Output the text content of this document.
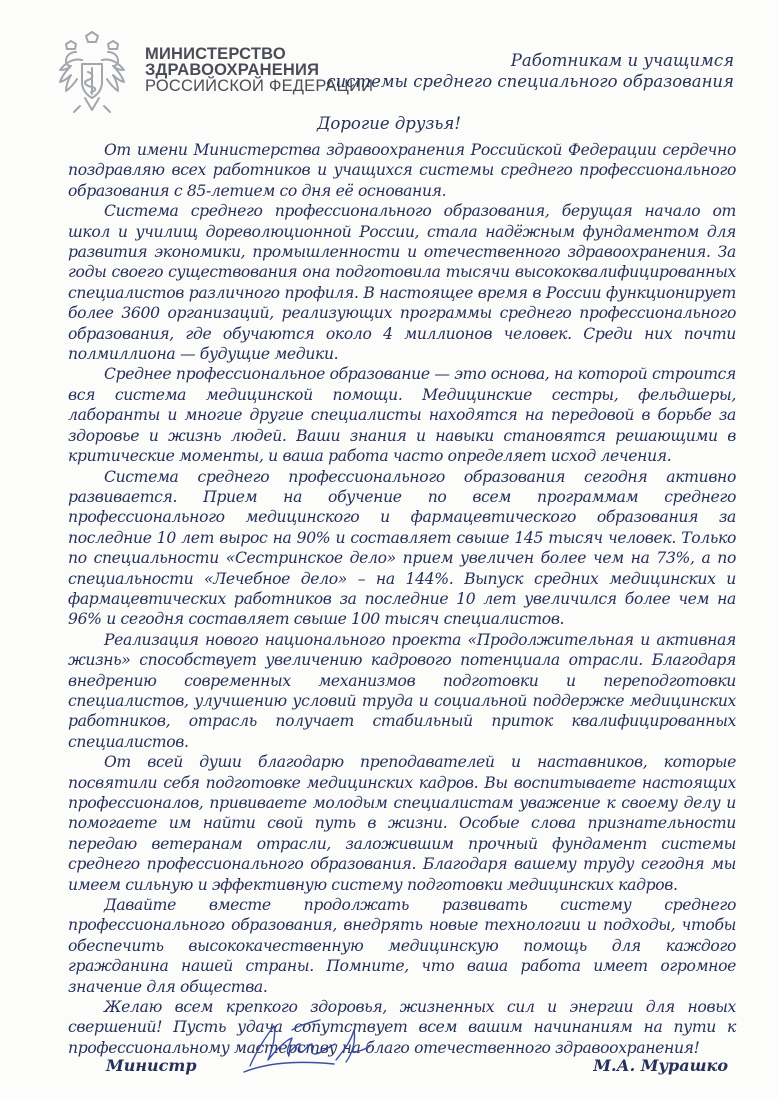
МИНИСТЕРСТВО
ЗДРАВООХРАНЕНИЯ
РОССИЙСКОЙ ФЕДЕРАЦИИ
Работникам и учащимся
системы среднего специального образования
Дорогие друзья!

От имени Министерства здравоохранения Российской Федерации сердечно поздравляю всех работников и учащихся системы среднего профессионального образования с 85-летием со дня её основания.

Система среднего профессионального образования, берущая начало от школ и училищ дореволюционной России, стала надёжным фундаментом для развития экономики, промышленности и отечественного здравоохранения. За годы своего существования она подготовила тысячи высококвалифицированных специалистов различного профиля. В настоящее время в России функционирует более 3600 организаций, реализующих программы среднего профессионального образования, где обучаются около 4 миллионов человек. Среди них почти полмиллиона — будущие медики.

Среднее профессиональное образование — это основа, на которой строится вся система медицинской помощи. Медицинские сестры, фельдшеры, лаборанты и многие другие специалисты находятся на передовой в борьбе за здоровье и жизнь людей. Ваши знания и навыки становятся решающими в критические моменты, и ваша работа часто определяет исход лечения.

Система среднего профессионального образования сегодня активно развивается. Прием на обучение по всем программам среднего профессионального медицинского и фармацевтического образования за последние 10 лет вырос на 90% и составляет свыше 145 тысяч человек. Только по специальности «Сестринское дело» прием увеличен более чем на 73%, а по специальности «Лечебное дело» – на 144%. Выпуск средних медицинских и фармацевтических работников за последние 10 лет увеличился более чем на 96% и сегодня составляет свыше 100 тысяч специалистов.

Реализация нового национального проекта «Продолжительная и активная жизнь» способствует увеличению кадрового потенциала отрасли. Благодаря внедрению современных механизмов подготовки и переподготовки специалистов, улучшению условий труда и социальной поддержке медицинских работников, отрасль получает стабильный приток квалифицированных специалистов.

От всей души благодарю преподавателей и наставников, которые посвятили себя подготовке медицинских кадров. Вы воспитываете настоящих профессионалов, прививаете молодым специалистам уважение к своему делу и помогаете им найти свой путь в жизни. Особые слова признательности передаю ветеранам отрасли, заложившим прочный фундамент системы среднего профессионального образования. Благодаря вашему труду сегодня мы имеем сильную и эффективную систему подготовки медицинских кадров.

Давайте вместе продолжать развивать систему среднего профессионального образования, внедрять новые технологии и подходы, чтобы обеспечить высококачественную медицинскую помощь для каждого гражданина нашей страны. Помните, что ваша работа имеет огромное значение для общества.

Желаю всем крепкого здоровья, жизненных сил и энергии для новых свершений! Пусть удача сопутствует всем вашим начинаниям на пути к профессиональному мастерству на благо отечественного здравоохранения!

Министр	М.А. Мурашко
